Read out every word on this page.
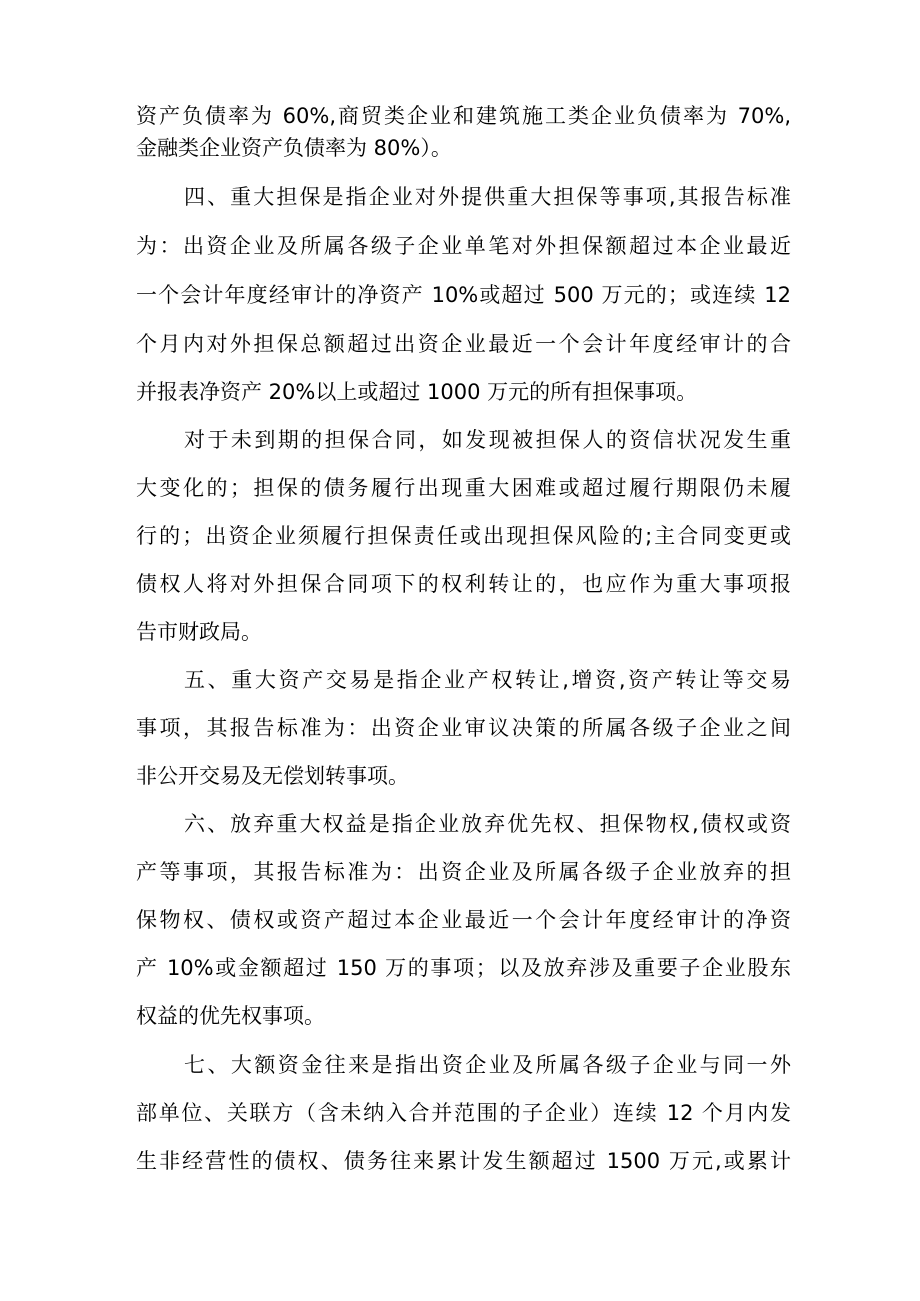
资产负债率为 60%,商贸类企业和建筑施工类企业负债率为 70%,

金融类企业资产负债率为 80%）。

四、重大担保是指企业对外提供重大担保等事项,其报告标准

为：出资企业及所属各级子企业单笔对外担保额超过本企业最近

一个会计年度经审计的净资产 10%或超过 500 万元的；或连续 12

个月内对外担保总额超过出资企业最近一个会计年度经审计的合

并报表净资产 20%以上或超过 1000 万元的所有担保事项。

对于未到期的担保合同，如发现被担保人的资信状况发生重

大变化的；担保的债务履行出现重大困难或超过履行期限仍未履

行的；出资企业须履行担保责任或出现担保风险的;主合同变更或

债权人将对外担保合同项下的权利转让的，也应作为重大事项报

告市财政局。

五、重大资产交易是指企业产权转让,增资,资产转让等交易

事项，其报告标准为：出资企业审议决策的所属各级子企业之间

非公开交易及无偿划转事项。

六、放弃重大权益是指企业放弃优先权、担保物权,债权或资

产等事项，其报告标准为：出资企业及所属各级子企业放弃的担

保物权、债权或资产超过本企业最近一个会计年度经审计的净资

产 10%或金额超过 150 万的事项；以及放弃涉及重要子企业股东

权益的优先权事项。

七、大额资金往来是指出资企业及所属各级子企业与同一外

部单位、关联方（含未纳入合并范围的子企业）连续 12 个月内发

生非经营性的债权、债务往来累计发生额超过 1500 万元,或累计
